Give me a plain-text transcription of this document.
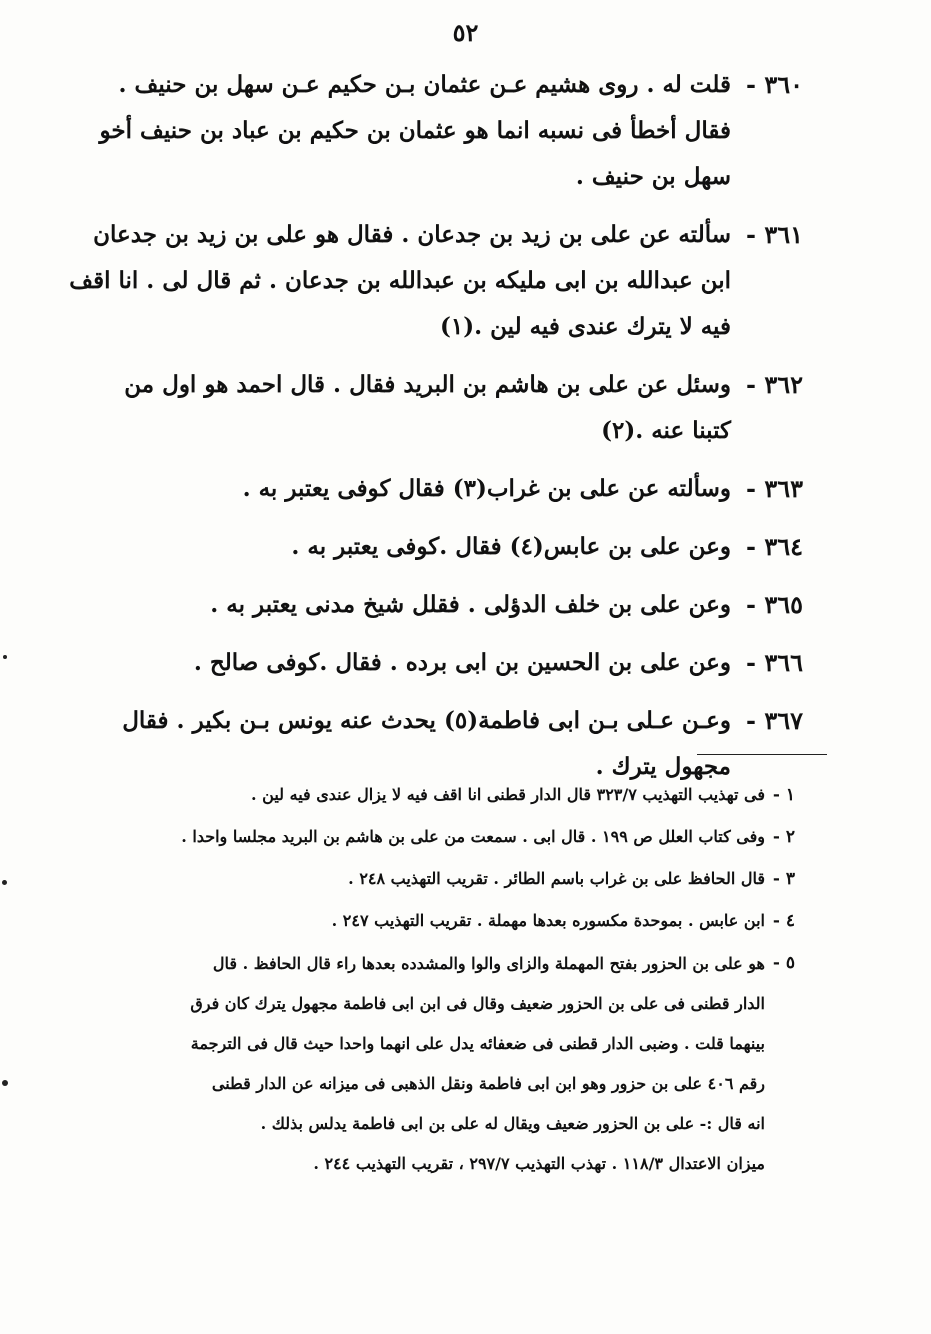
٥٢
٣٦٠ -
قلت له . روى هشيم عـن عثمان بـن حكيم عـن سهل بن حنيف .
فقال أخطأ فى نسبه انما هو عثمان بن حكيم بن عباد بن حنيف أخو
سهل بن حنيف .
٣٦١ -
سألته عن على بن زيد بن جدعان . فقال هو على بن زيد بن جدعان
ابن عبدالله بن ابى مليكه بن عبدالله بن جدعان . ثم قال لى . انا اقف
فيه لا يترك عندى فيه لين .(١)
٣٦٢ -
وسئل عن على بن هاشم بن البريد فقال . قال احمد هو اول من
كتبنا عنه .(٢)
٣٦٣ -
وسألته عن على بن غراب(٣) فقال كوفى يعتبر به .
٣٦٤ -
وعن على بن عابس(٤) فقال .كوفى يعتبر به .
٣٦٥ -
وعن على بن خلف الدؤلى . فقلل شيخ مدنى يعتبر به .
٣٦٦ -
وعن على بن الحسين بن ابى برده . فقال .كوفى صالح .
٣٦٧ -
وعـن عـلى بـن ابى فاطمة(٥) يحدث عنه يونس بـن بكير . فقال
مجهول يترك .
١ -
فى تهذيب التهذيب ٣٢٣/٧ قال الدار قطنى انا اقف فيه لا يزال عندى فيه لين .
٢ -
وفى كتاب العلل ص ١٩٩ . قال ابى . سمعت من على بن هاشم بن البريد مجلسا واحدا .
٣ -
قال الحافظ على بن غراب باسم الطائر . تقريب التهذيب ٢٤٨ .
٤ -
ابن عابس . بموحدة مكسوره بعدها مهملة . تقريب التهذيب ٢٤٧ .
٥ -
هو على بن الحزور بفتح المهملة والزاى والوا والمشدده بعدها راء قال الحافظ . قال
الدار قطنى فى على بن الحزور ضعيف وقال فى ابن ابى فاطمة مجهول يترك كان فرق
بينهما قلت . وضبى الدار قطنى فى ضعفائه يدل على انهما واحدا حيث قال فى الترجمة
رقم ٤٠٦ على بن حزور وهو ابن ابى فاطمة ونقل الذهبى فى ميزانه عن الدار قطنى
انه قال :- على بن الحزور ضعيف ويقال له على بن ابى فاطمة يدلس بذلك .
ميزان الاعتدال ١١٨/٣ . تهذب التهذيب ٢٩٧/٧ ، تقريب التهذيب ٢٤٤ .
